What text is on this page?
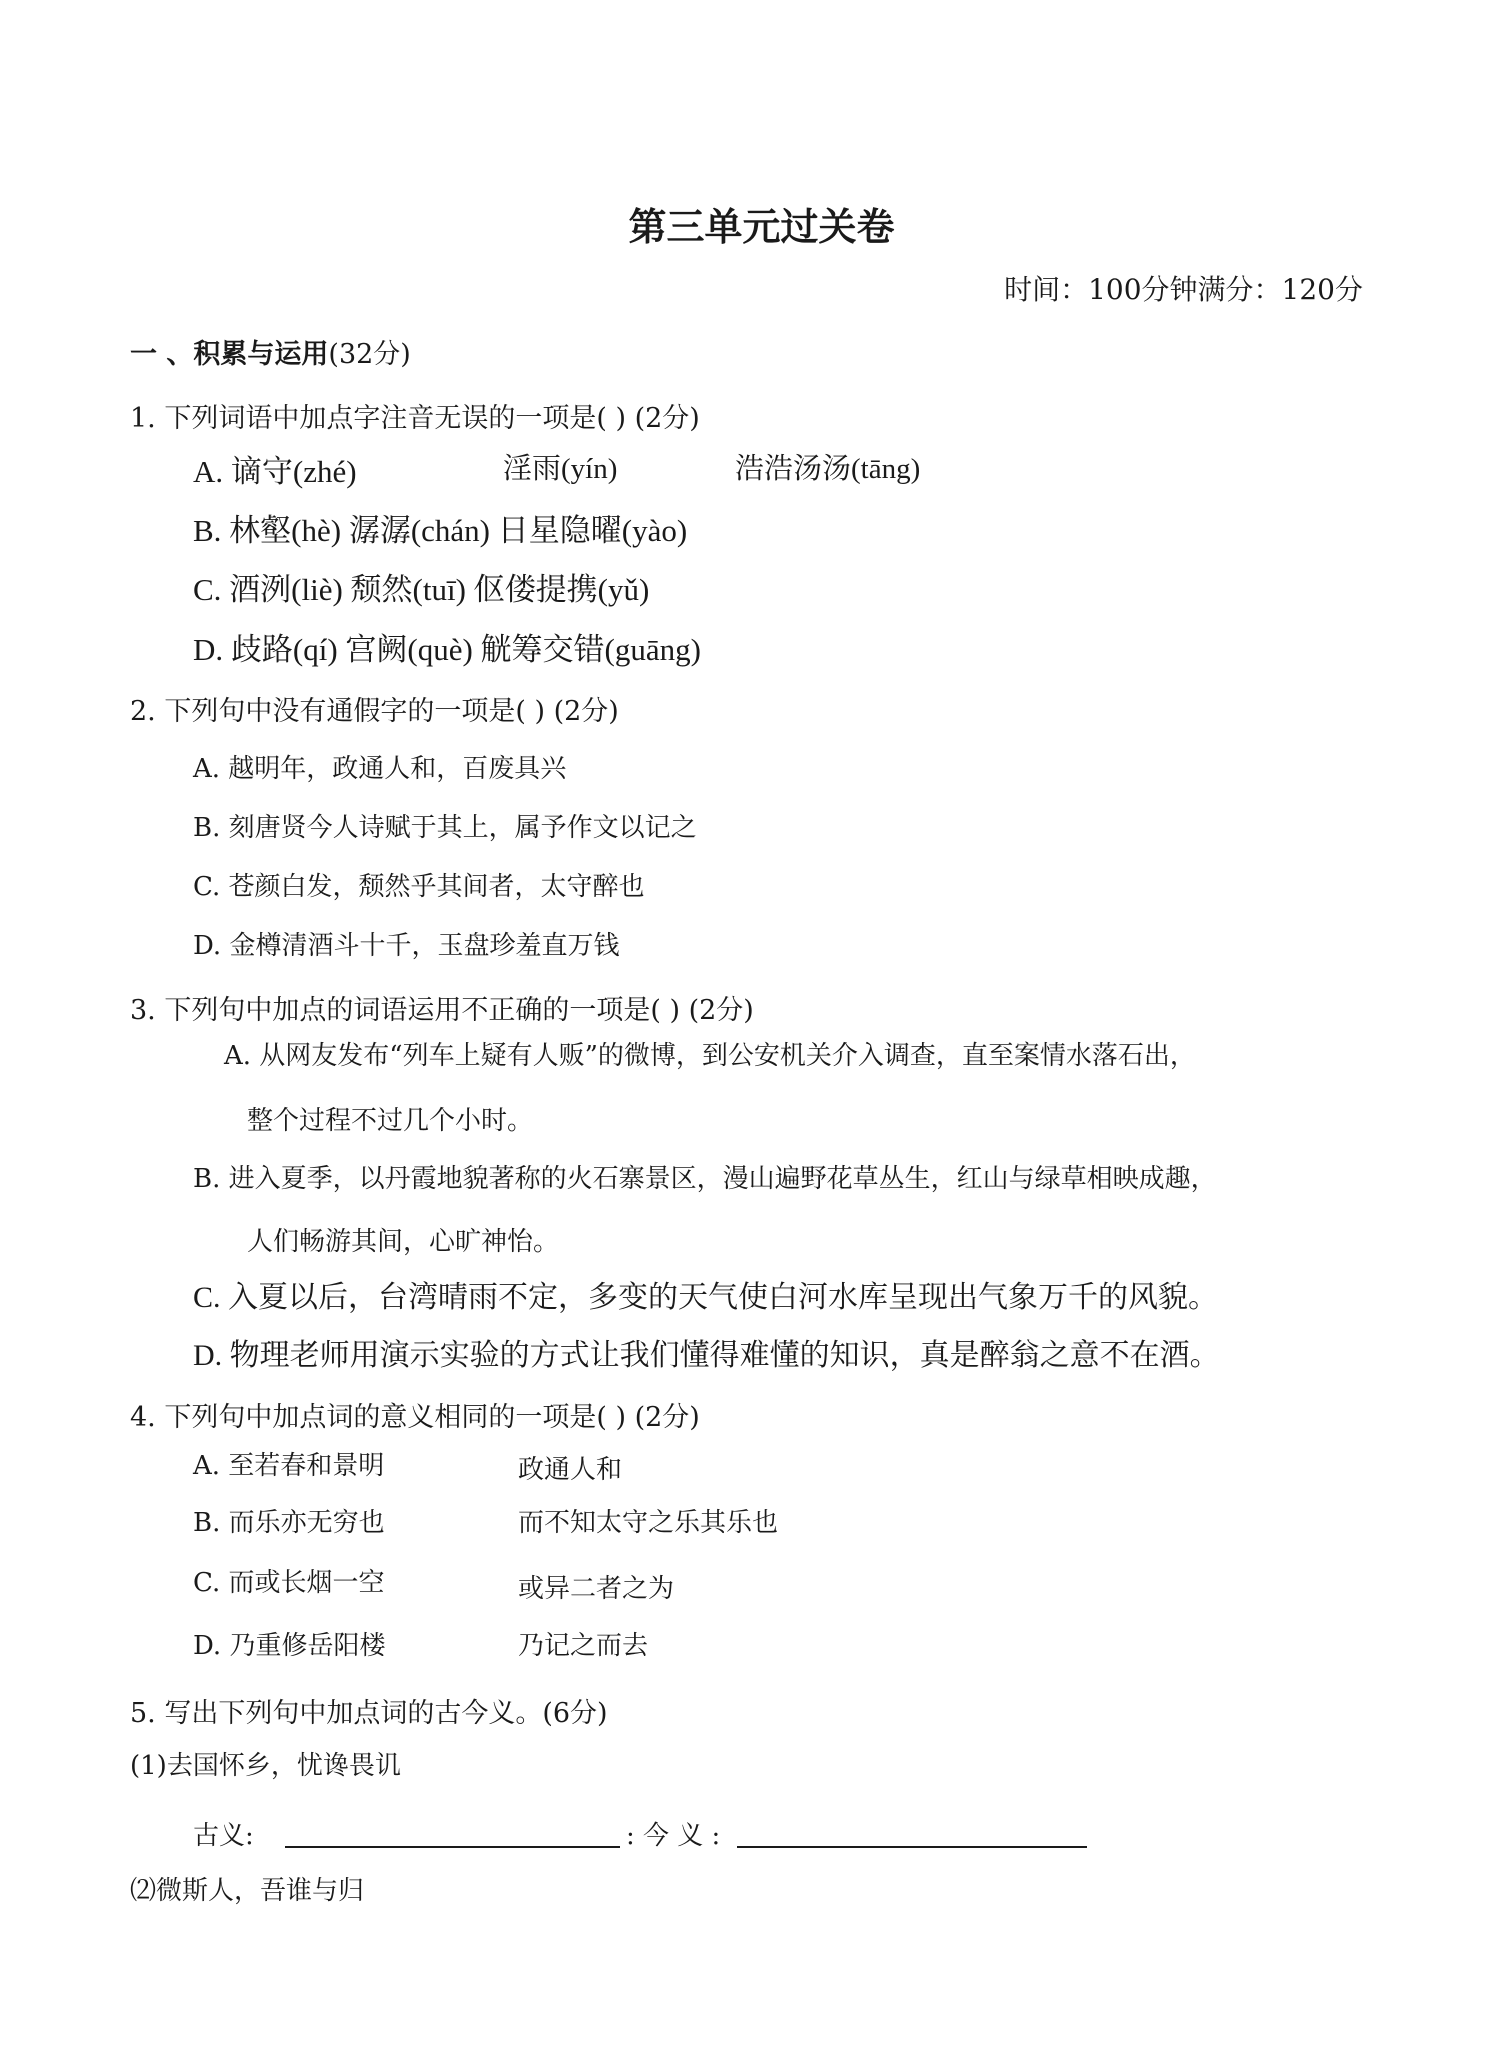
第三单元过关卷
时间：100分钟满分：120分
一 、积累与运用(32分)
1. 下列词语中加点字注音无误的一项是( ) (2分)
A. 谪守(zhé)	淫雨(yín)	浩浩汤汤(tāng)
B. 林壑(hè) 潺潺(chán) 日星隐曜(yào)
C. 酒洌(liè) 颓然(tuī) 伛偻提携(yǔ)
D. 歧路(qí) 宫阙(què) 觥筹交错(guāng)
2. 下列句中没有通假字的一项是( ) (2分)
A. 越明年，政通人和，百废具兴
B. 刻唐贤今人诗赋于其上，属予作文以记之
C. 苍颜白发，颓然乎其间者，太守醉也
D. 金樽清酒斗十千，玉盘珍羞直万钱
3. 下列句中加点的词语运用不正确的一项是( ) (2分)
A. 从网友发布“列车上疑有人贩”的微博，到公安机关介入调查，直至案情水落石出，
整个过程不过几个小时。
B. 进入夏季，以丹霞地貌著称的火石寨景区，漫山遍野花草丛生，红山与绿草相映成趣，
人们畅游其间，心旷神怡。
C. 入夏以后，台湾晴雨不定，多变的天气使白河水库呈现出气象万千的风貌。
D. 物理老师用演示实验的方式让我们懂得难懂的知识，真是醉翁之意不在酒。
4. 下列句中加点词的意义相同的一项是( ) (2分)
A. 至若春和景明	政通人和
B. 而乐亦无穷也	而不知太守之乐其乐也
C. 而或长烟一空	或异二者之为
D. 乃重修岳阳楼	乃记之而去
5. 写出下列句中加点词的古今义。(6分)
(1)去国怀乡，忧谗畏讥
古义:	: 今 义 :
⑵微斯人，吾谁与归
